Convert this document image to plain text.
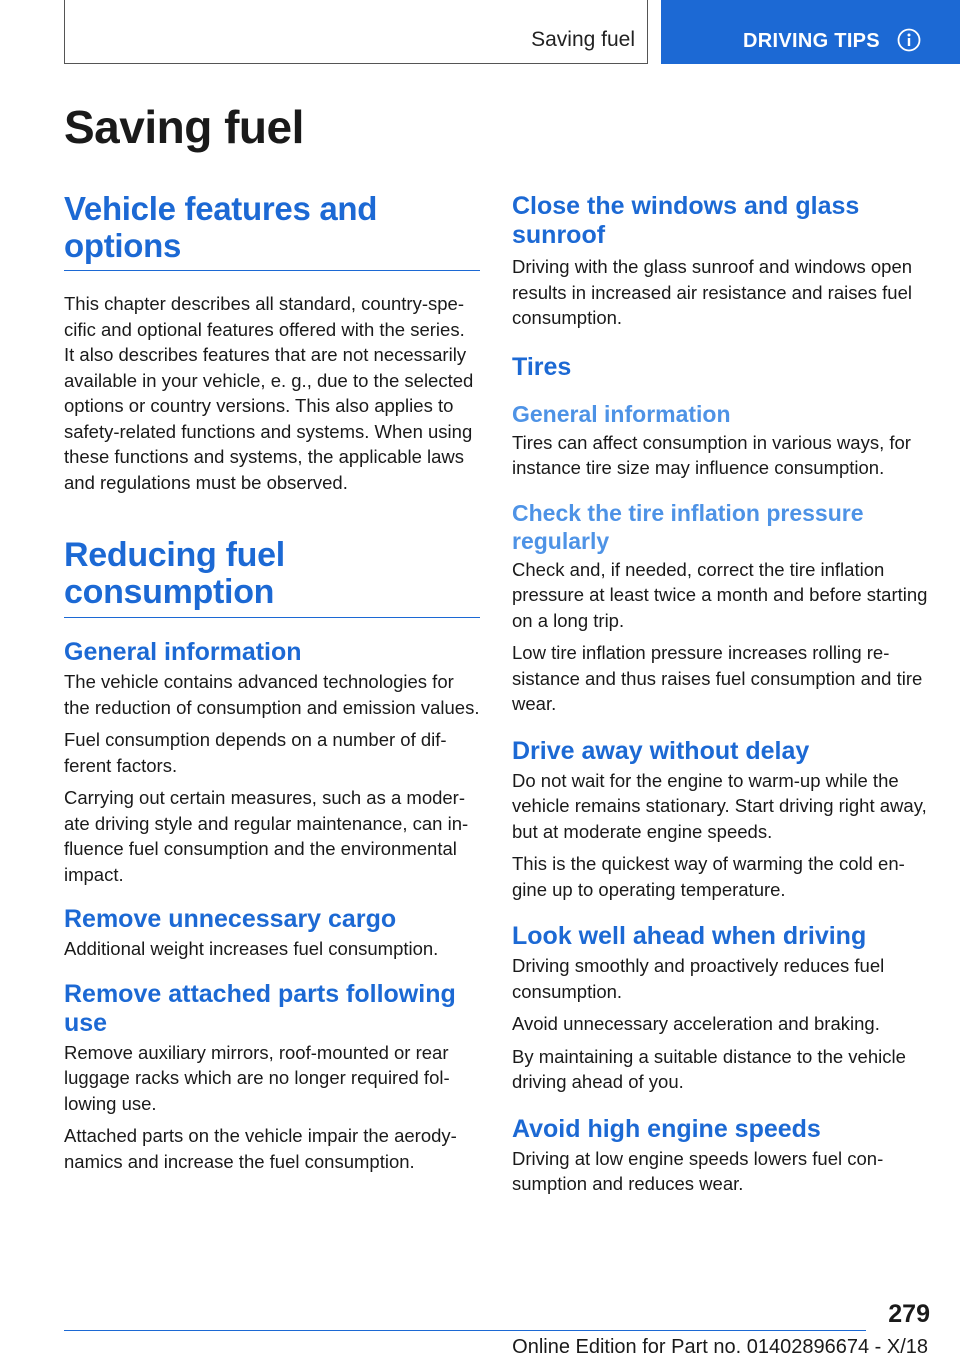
Saving fuel	DRIVING TIPS
Saving fuel
Vehicle features and options

This chapter describes all standard, country-specific and optional features offered with the series. It also describes features that are not necessarily available in your vehicle, e. g., due to the selected options or country versions. This also applies to safety-related functions and systems. When using these functions and systems, the applicable laws and regulations must be observed.

Reducing fuel consumption
General information

The vehicle contains advanced technologies for the reduction of consumption and emission values.

Fuel consumption depends on a number of different factors.

Carrying out certain measures, such as a moderate driving style and regular maintenance, can influence fuel consumption and the environmental impact.

Remove unnecessary cargo

Additional weight increases fuel consumption.

Remove attached parts following use

Remove auxiliary mirrors, roof-mounted or rear luggage racks which are no longer required following use.

Attached parts on the vehicle impair the aerodynamics and increase the fuel consumption.

Close the windows and glass sunroof

Driving with the glass sunroof and windows open results in increased air resistance and raises fuel consumption.

Tires
General information

Tires can affect consumption in various ways, for instance tire size may influence consumption.

Check the tire inflation pressure regularly

Check and, if needed, correct the tire inflation pressure at least twice a month and before starting on a long trip.

Low tire inflation pressure increases rolling resistance and thus raises fuel consumption and tire wear.

Drive away without delay

Do not wait for the engine to warm-up while the vehicle remains stationary. Start driving right away, but at moderate engine speeds.

This is the quickest way of warming the cold engine up to operating temperature.

Look well ahead when driving

Driving smoothly and proactively reduces fuel consumption.

Avoid unnecessary acceleration and braking.

By maintaining a suitable distance to the vehicle driving ahead of you.

Avoid high engine speeds

Driving at low engine speeds lowers fuel consumption and reduces wear.

279
Online Edition for Part no. 01402896674 - X/18
